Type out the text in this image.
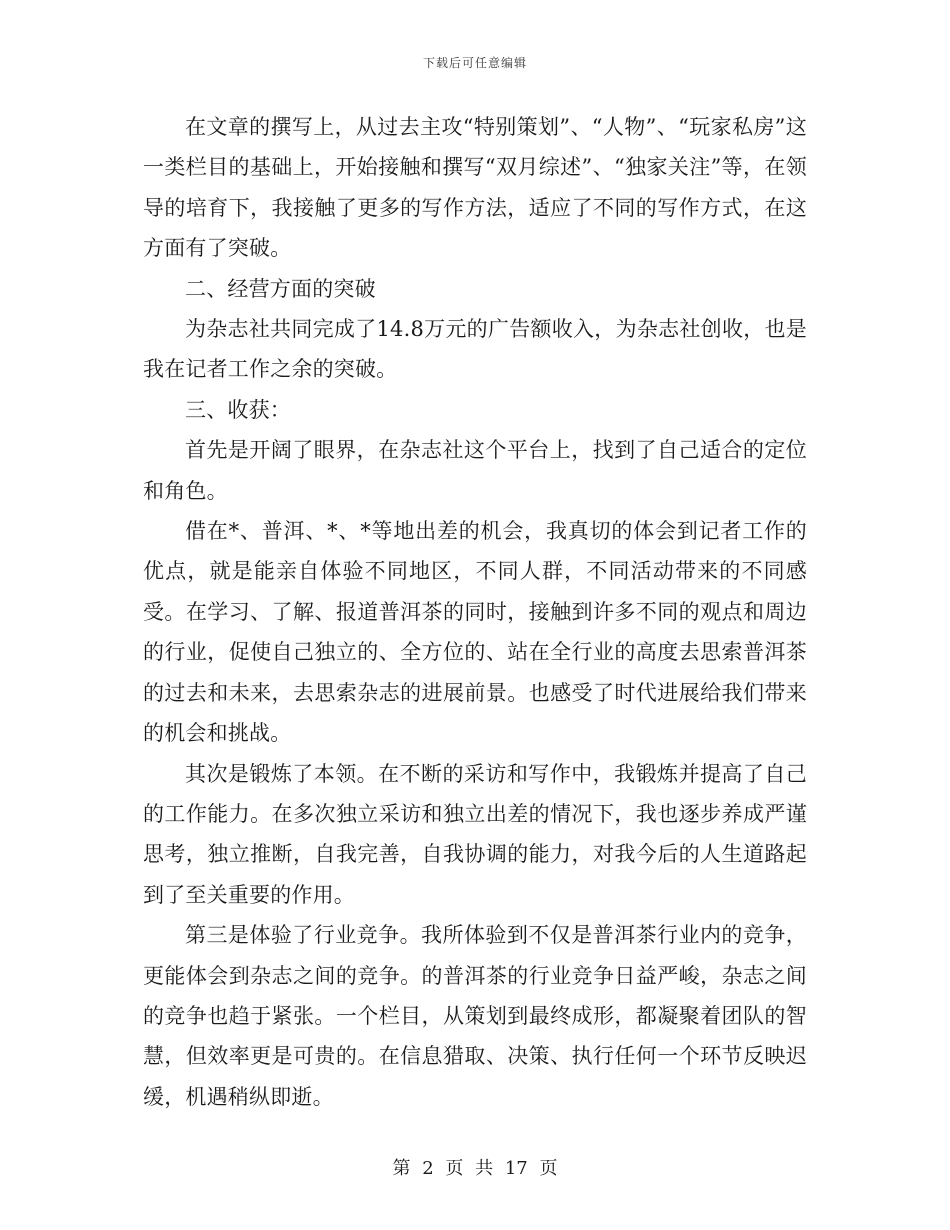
下载后可任意编辑

在文章的撰写上，从过去主攻“特别策划”、“人物”、“玩家私房”这一类栏目的基础上，开始接触和撰写“双月综述”、“独家关注”等，在领导的培育下，我接触了更多的写作方法，适应了不同的写作方式，在这方面有了突破。

二、经营方面的突破

为杂志社共同完成了14.8万元的广告额收入，为杂志社创收，也是我在记者工作之余的突破。

三、收获：

首先是开阔了眼界，在杂志社这个平台上，找到了自己适合的定位和角色。

借在*、普洱、*、*等地出差的机会，我真切的体会到记者工作的优点，就是能亲自体验不同地区，不同人群，不同活动带来的不同感受。在学习、了解、报道普洱茶的同时，接触到许多不同的观点和周边的行业，促使自己独立的、全方位的、站在全行业的高度去思索普洱茶的过去和未来，去思索杂志的进展前景。也感受了时代进展给我们带来的机会和挑战。

其次是锻炼了本领。在不断的采访和写作中，我锻炼并提高了自己的工作能力。在多次独立采访和独立出差的情况下，我也逐步养成严谨思考，独立推断，自我完善，自我协调的能力，对我今后的人生道路起到了至关重要的作用。

第三是体验了行业竞争。我所体验到不仅是普洱茶行业内的竞争，更能体会到杂志之间的竞争。的普洱茶的行业竞争日益严峻，杂志之间的竞争也趋于紧张。一个栏目，从策划到最终成形，都凝聚着团队的智慧，但效率更是可贵的。在信息猎取、决策、执行任何一个环节反映迟缓，机遇稍纵即逝。

第 2 页 共 17 页
